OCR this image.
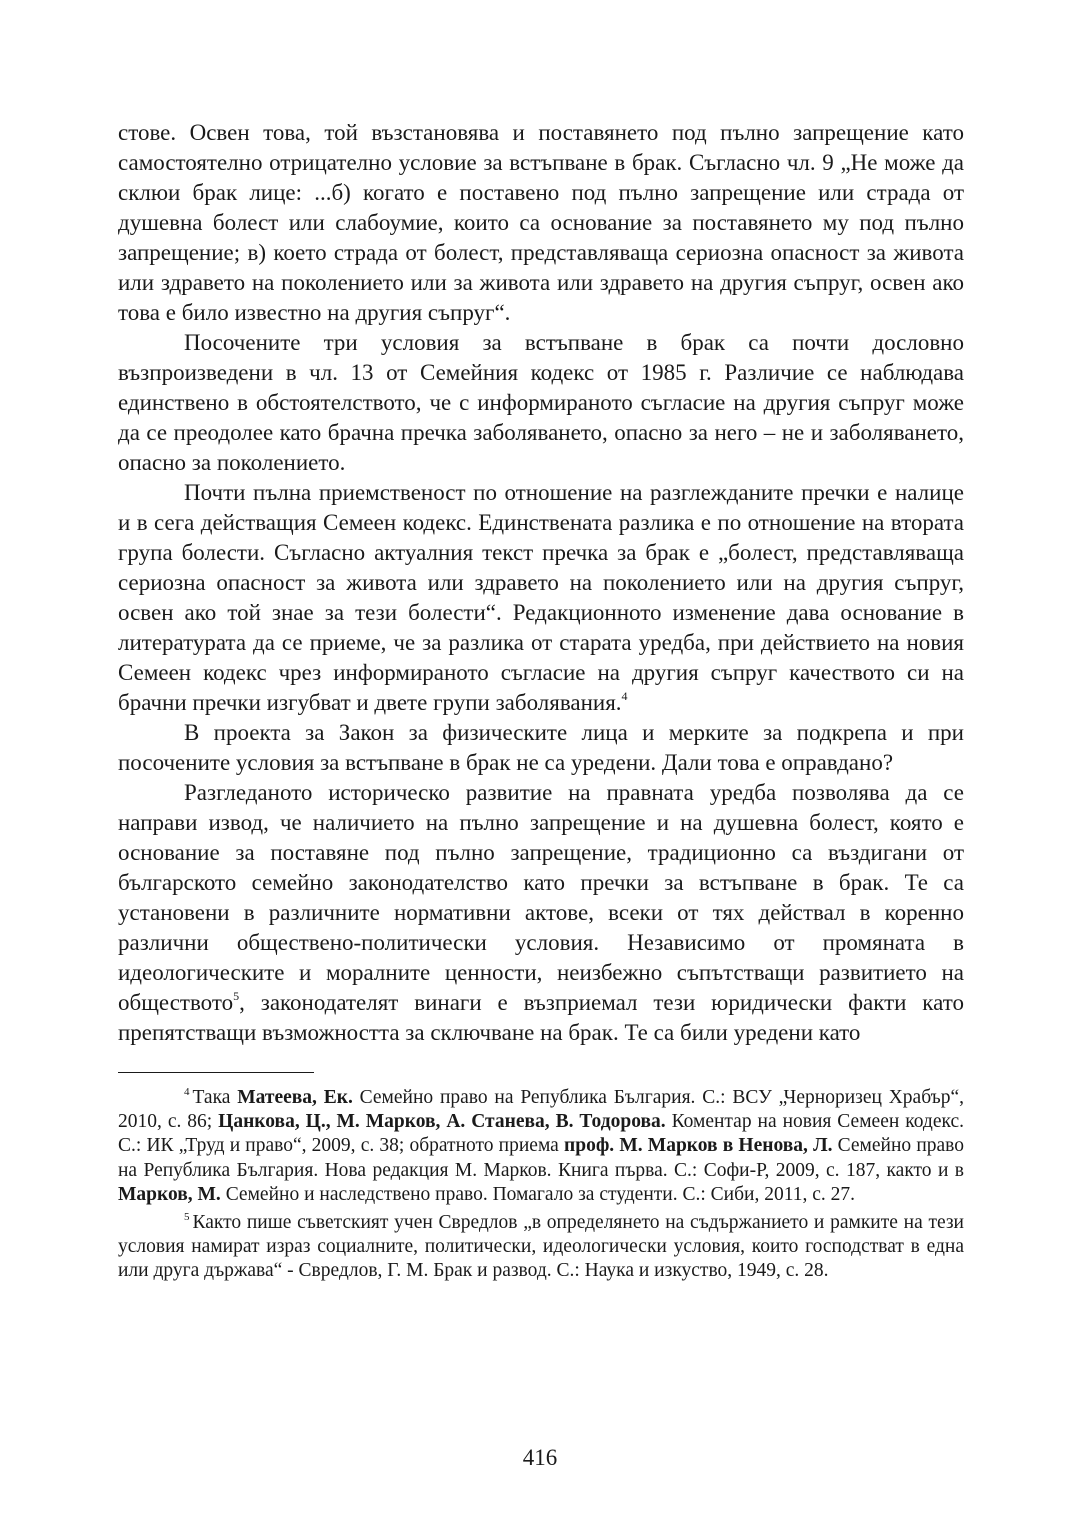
стове. Освен това, той възстановява и поставянето под пълно запрещение като самостоятелно отрицателно условие за встъпване в брак. Съгласно чл. 9 „Не може да склюи брак лице: ...б) когато е поставено под пълно запрещение или страда от душевна болест или слабоумие, които са основание за поставянето му под пълно запрещение; в) което страда от болест, представляваща сериозна опасност за живота или здравето на поколението или за живота или здравето на другия съпруг, освен ако това е било известно на другия съпруг“.

Посочените три условия за встъпване в брак са почти дословно възпроизведени в чл. 13 от Семейния кодекс от 1985 г. Различие се наблюдава единствено в обстоятелството, че с информираното съгласие на другия съпруг може да се преодолее като брачна пречка заболяването, опасно за него – не и заболяването, опасно за поколението.

Почти пълна приемственост по отношение на разглежданите пречки е налице и в сега действащия Семеен кодекс. Единствената разлика е по отношение на втората група болести. Съгласно актуалния текст пречка за брак е „болест, представляваща сериозна опасност за живота или здравето на поколението или на другия съпруг, освен ако той знае за тези болести“. Редакционното изменение дава основание в литературата да се приеме, че за разлика от старата уредба, при действието на новия Семеен кодекс чрез информираното съгласие на другия съпруг качеството си на брачни пречки изгубват и двете групи заболявания.$^4$

В проекта за Закон за физическите лица и мерките за подкрепа и при посочените условия за встъпване в брак не са уредени. Дали това е оправдано?

Разгледаното историческо развитие на правната уредба позволява да се направи извод, че наличието на пълно запрещение и на душевна болест, която е основание за поставяне под пълно запрещение, традиционно са въздигани от българското семейно законодателство като пречки за встъпване в брак. Те са установени в различните нормативни актове, всеки от тях действал в коренно различни обществено-политически условия. Независимо от промяната в идеологическите и моралните ценности, неизбежно съпътстващи развитието на обществото$^5$, законодателят винаги е възприемал тези юридически факти като препятстващи възможността за сключване на брак. Те са били уредени като

$^4$ Така Матеева, Ек. Семейно право на Република България. С.: ВСУ „Черноризец Храбър“, 2010, с. 86; Цанкова, Ц., М. Марков, А. Станева, В. Тодорова. Коментар на новия Семеен кодекс. С.: ИК „Труд и право“, 2009, с. 38; обратното приема проф. М. Марков в Ненова, Л. Семейно право на Република България. Нова редакция М. Марков. Книга първа. С.: Софи-Р, 2009, с. 187, както и в Марков, М. Семейно и наследствено право. Помагало за студенти. С.: Сиби, 2011, с. 27.

$^5$ Както пише съветският учен Свредлов „в определянето на съдържанието и рамките на тези условия намират израз социалните, политически, идеологически условия, които господстват в една или друга държава“ - Свредлов, Г. М. Брак и развод. С.: Наука и изкуство, 1949, с. 28.

416
